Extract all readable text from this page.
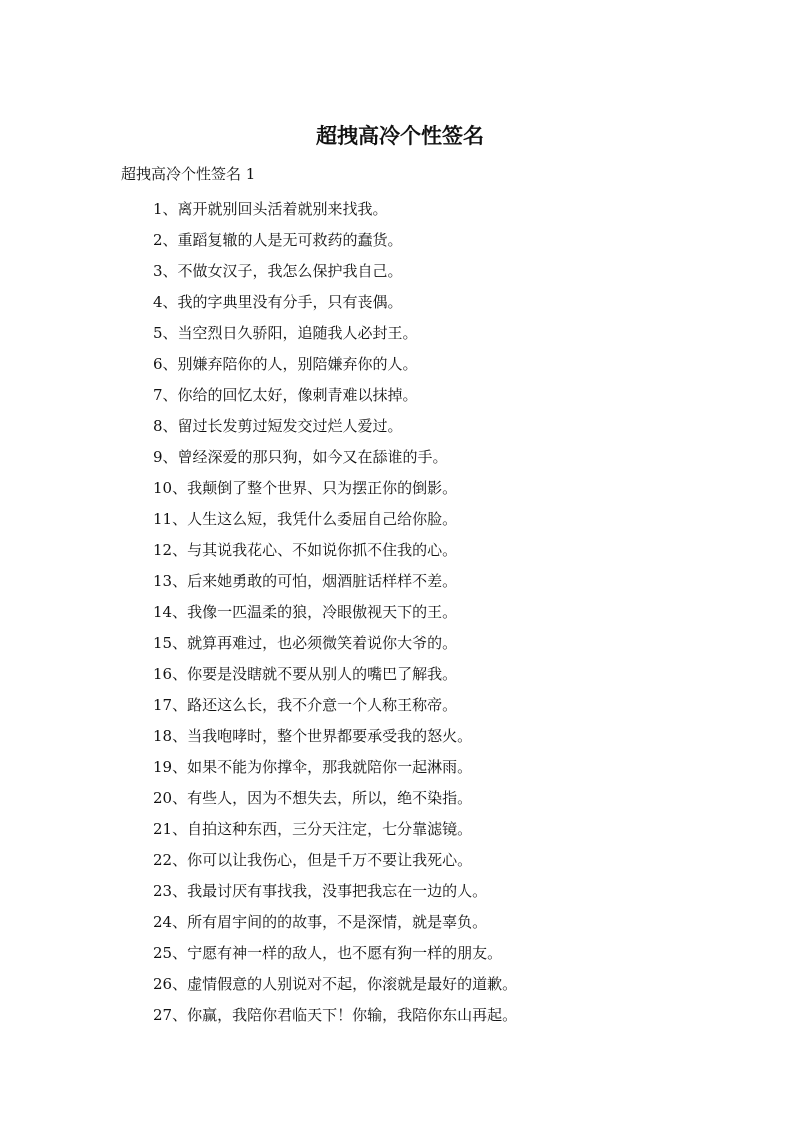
超拽高冷个性签名

超拽高冷个性签名 1

1、离开就别回头活着就别来找我。
2、重蹈复辙的人是无可救药的蠢货。
3、不做女汉子，我怎么保护我自己。
4、我的字典里没有分手，只有丧偶。
5、当空烈日久骄阳，追随我人必封王。
6、别嫌弃陪你的人，别陪嫌弃你的人。
7、你给的回忆太好，像刺青难以抹掉。
8、留过长发剪过短发交过烂人爱过。
9、曾经深爱的那只狗，如今又在舔谁的手。
10、我颠倒了整个世界、只为摆正你的倒影。
11、人生这么短，我凭什么委屈自己给你脸。
12、与其说我花心、不如说你抓不住我的心。
13、后来她勇敢的可怕，烟酒脏话样样不差。
14、我像一匹温柔的狼，冷眼傲视天下的王。
15、就算再难过，也必须微笑着说你大爷的。
16、你要是没瞎就不要从别人的嘴巴了解我。
17、路还这么长，我不介意一个人称王称帝。
18、当我咆哮时，整个世界都要承受我的怒火。
19、如果不能为你撑伞，那我就陪你一起淋雨。
20、有些人，因为不想失去，所以，绝不染指。
21、自拍这种东西，三分天注定，七分靠滤镜。
22、你可以让我伤心，但是千万不要让我死心。
23、我最讨厌有事找我，没事把我忘在一边的人。
24、所有眉宇间的的故事，不是深情，就是辜负。
25、宁愿有神一样的敌人，也不愿有狗一样的朋友。
26、虚情假意的人别说对不起，你滚就是最好的道歉。
27、你赢，我陪你君临天下！你输，我陪你东山再起。
